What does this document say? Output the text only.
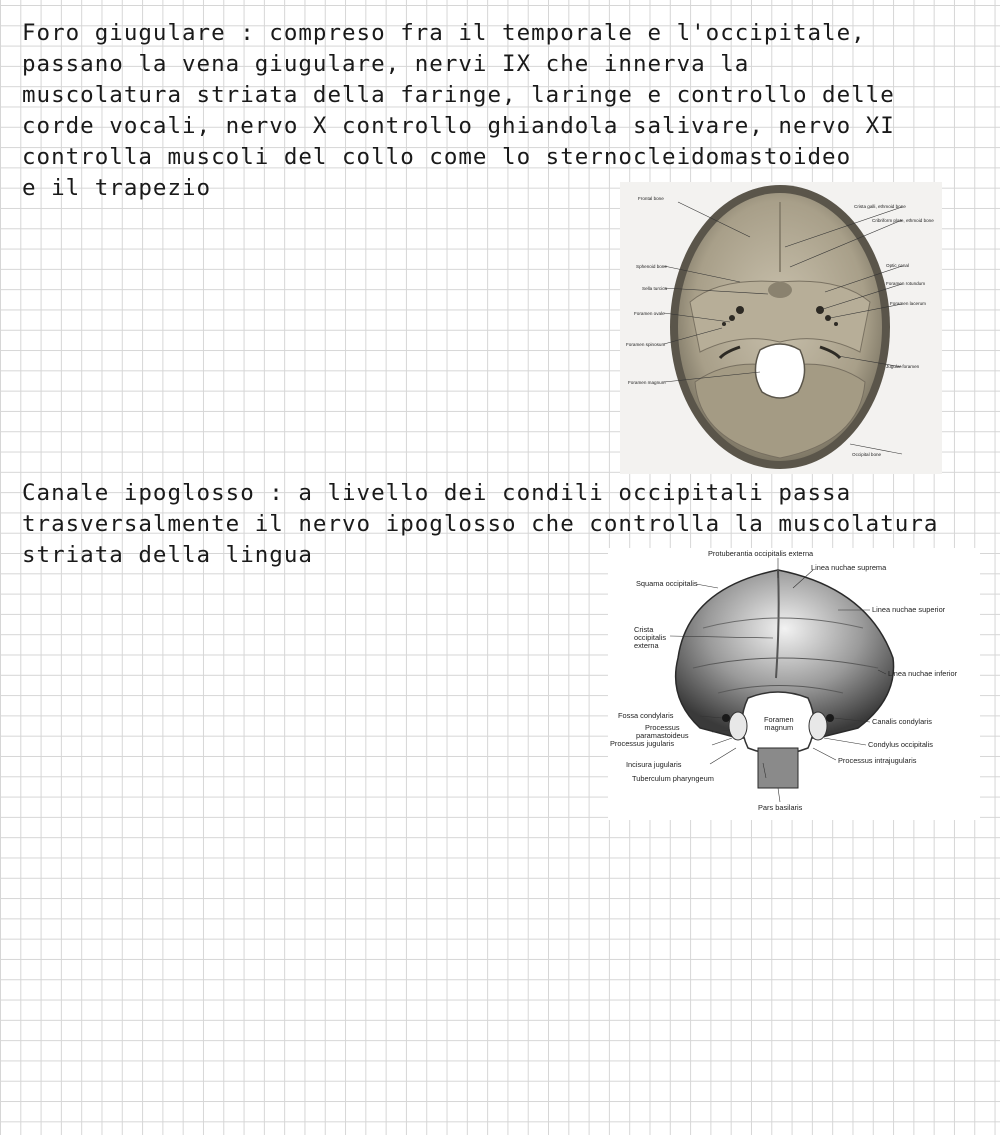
Foro giugulare : compreso fra il temporale e l'occipitale,
passano la vena giugulare, nervi IX che innerva la
muscolatura striata della faringe, laringe e controllo delle
corde vocali, nervo X controllo ghiandola salivare, nervo XI
controlla muscoli del collo come lo sternocleidomastoideo
e il trapezio
Canale ipoglosso : a livello dei condili occipitali passa
trasversalmente il nervo ipoglosso che controlla la muscolatura
striata della lingua
Frontal bone
Crista galli, ethmoid bone
Cribriform plate, ethmoid bone
Sphenoid bone	Optic canal
Sella turcica
Foramen rotundum
Foramen ovale
Foramen lacerum
Foramen spinosum
Jugular foramen
Foramen magnum
Occipital bone
Protuberantia occipitalis externa
Linea nuchae suprema
Squama occipitalis
Linea nuchae superior
Crista
occipitalis
externa
Linea nuchae inferior
Fossa condylaris	Foramen
magnum
Canalis condylaris
Processus
paramastoideus
Processus jugularis	Condylus occipitalis
Processus intrajugularis
Incisura jugularis
Tuberculum pharyngeum
Pars basilaris
